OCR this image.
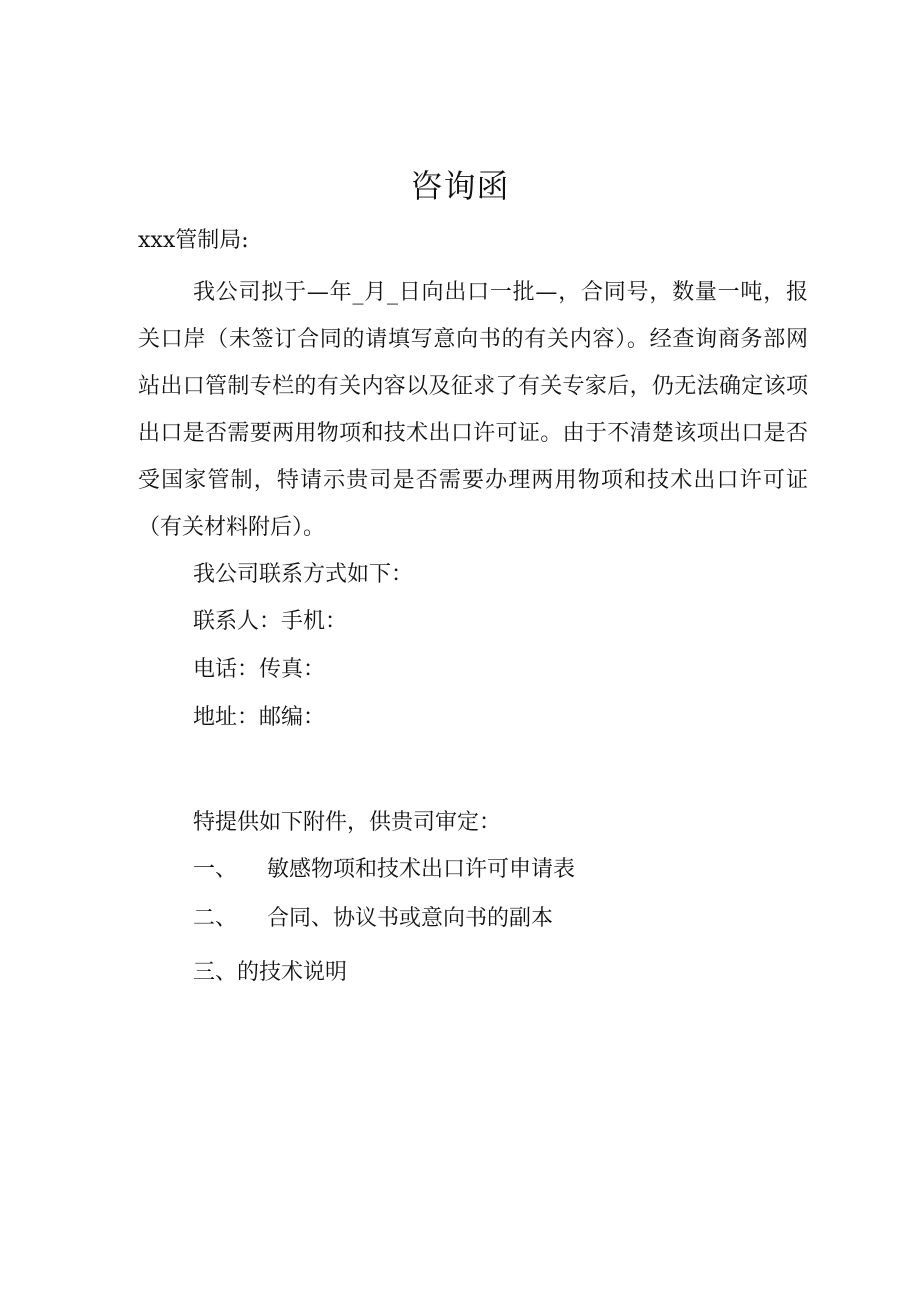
咨询函
xxx管制局:
我公司拟于—年_月_日向出口一批—，合同号，数量一吨，报关口岸（未签订合同的请填写意向书的有关内容）。经查询商务部网站出口管制专栏的有关内容以及征求了有关专家后，仍无法确定该项出口是否需要两用物项和技术出口许可证。由于不清楚该项出口是否受国家管制，特请示贵司是否需要办理两用物项和技术出口许可证（有关材料附后）。
我公司联系方式如下：
联系人：手机：
电话：传真：
地址：邮编：
特提供如下附件，供贵司审定：
一、 敏感物项和技术出口许可申请表
二、 合同、协议书或意向书的副本
三、的技术说明
